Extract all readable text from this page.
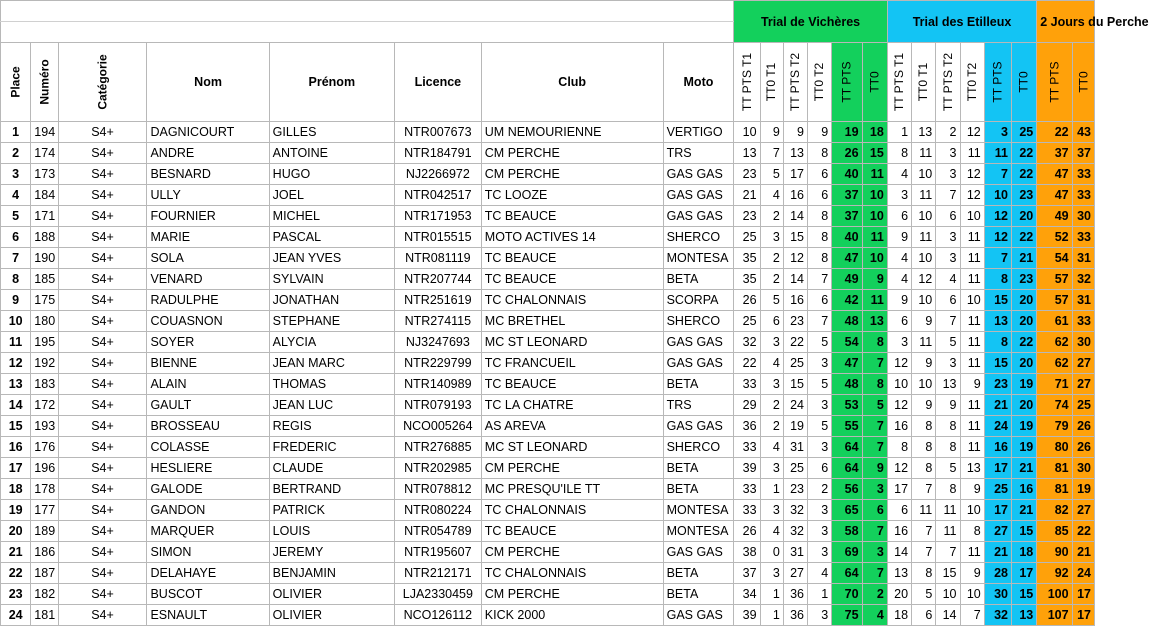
								Trial de Vichères						Trial des Etilleux						2 Jours du Perche	

Place	Numéro	Catégorie	Nom	Prénom	Licence	Club	Moto	TT PTS T1	TT0 T1	TT PTS T2	TT0 T2	TT PTS	TT0	TT PTS T1	TT0 T1	TT PTS T2	TT0 T2	TT PTS	TT0	TT PTS	TT0

1	194	S4+	DAGNICOURT	GILLES	NTR007673	UM NEMOURIENNE	VERTIGO	10	9	9	9	19	18	1	13	2	12	3	25	22	43
2	174	S4+	ANDRE	ANTOINE	NTR184791	CM PERCHE	TRS	13	7	13	8	26	15	8	11	3	11	11	22	37	37
3	173	S4+	BESNARD	HUGO	NJ2266972	CM PERCHE	GAS GAS	23	5	17	6	40	11	4	10	3	12	7	22	47	33
4	184	S4+	ULLY	JOEL	NTR042517	TC LOOZE	GAS GAS	21	4	16	6	37	10	3	11	7	12	10	23	47	33
5	171	S4+	FOURNIER	MICHEL	NTR171953	TC BEAUCE	GAS GAS	23	2	14	8	37	10	6	10	6	10	12	20	49	30
6	188	S4+	MARIE	PASCAL	NTR015515	MOTO ACTIVES 14	SHERCO	25	3	15	8	40	11	9	11	3	11	12	22	52	33
7	190	S4+	SOLA	JEAN YVES	NTR081119	TC BEAUCE	MONTESA	35	2	12	8	47	10	4	10	3	11	7	21	54	31
8	185	S4+	VENARD	SYLVAIN	NTR207744	TC BEAUCE	BETA	35	2	14	7	49	9	4	12	4	11	8	23	57	32
9	175	S4+	RADULPHE	JONATHAN	NTR251619	TC CHALONNAIS	SCORPA	26	5	16	6	42	11	9	10	6	10	15	20	57	31
10	180	S4+	COUASNON	STEPHANE	NTR274115	MC BRETHEL	SHERCO	25	6	23	7	48	13	6	9	7	11	13	20	61	33
11	195	S4+	SOYER	ALYCIA	NJ3247693	MC ST LEONARD	GAS GAS	32	3	22	5	54	8	3	11	5	11	8	22	62	30
12	192	S4+	BIENNE	JEAN MARC	NTR229799	TC FRANCUEIL	GAS GAS	22	4	25	3	47	7	12	9	3	11	15	20	62	27
13	183	S4+	ALAIN	THOMAS	NTR140989	TC BEAUCE	BETA	33	3	15	5	48	8	10	10	13	9	23	19	71	27
14	172	S4+	GAULT	JEAN LUC	NTR079193	TC LA CHATRE	TRS	29	2	24	3	53	5	12	9	9	11	21	20	74	25
15	193	S4+	BROSSEAU	REGIS	NCO005264	AS AREVA	GAS GAS	36	2	19	5	55	7	16	8	8	11	24	19	79	26
16	176	S4+	COLASSE	FREDERIC	NTR276885	MC ST LEONARD	SHERCO	33	4	31	3	64	7	8	8	8	11	16	19	80	26
17	196	S4+	HESLIERE	CLAUDE	NTR202985	CM PERCHE	BETA	39	3	25	6	64	9	12	8	5	13	17	21	81	30
18	178	S4+	GALODE	BERTRAND	NTR078812	MC PRESQU'ILE TT	BETA	33	1	23	2	56	3	17	7	8	9	25	16	81	19
19	177	S4+	GANDON	PATRICK	NTR080224	TC CHALONNAIS	MONTESA	33	3	32	3	65	6	6	11	11	10	17	21	82	27
20	189	S4+	MARQUER	LOUIS	NTR054789	TC BEAUCE	MONTESA	26	4	32	3	58	7	16	7	11	8	27	15	85	22
21	186	S4+	SIMON	JEREMY	NTR195607	CM PERCHE	GAS GAS	38	0	31	3	69	3	14	7	7	11	21	18	90	21
22	187	S4+	DELAHAYE	BENJAMIN	NTR212171	TC CHALONNAIS	BETA	37	3	27	4	64	7	13	8	15	9	28	17	92	24
23	182	S4+	BUSCOT	OLIVIER	LJA2330459	CM PERCHE	BETA	34	1	36	1	70	2	20	5	10	10	30	15	100	17
24	181	S4+	ESNAULT	OLIVIER	NCO126112	KICK 2000	GAS GAS	39	1	36	3	75	4	18	6	14	7	32	13	107	17
